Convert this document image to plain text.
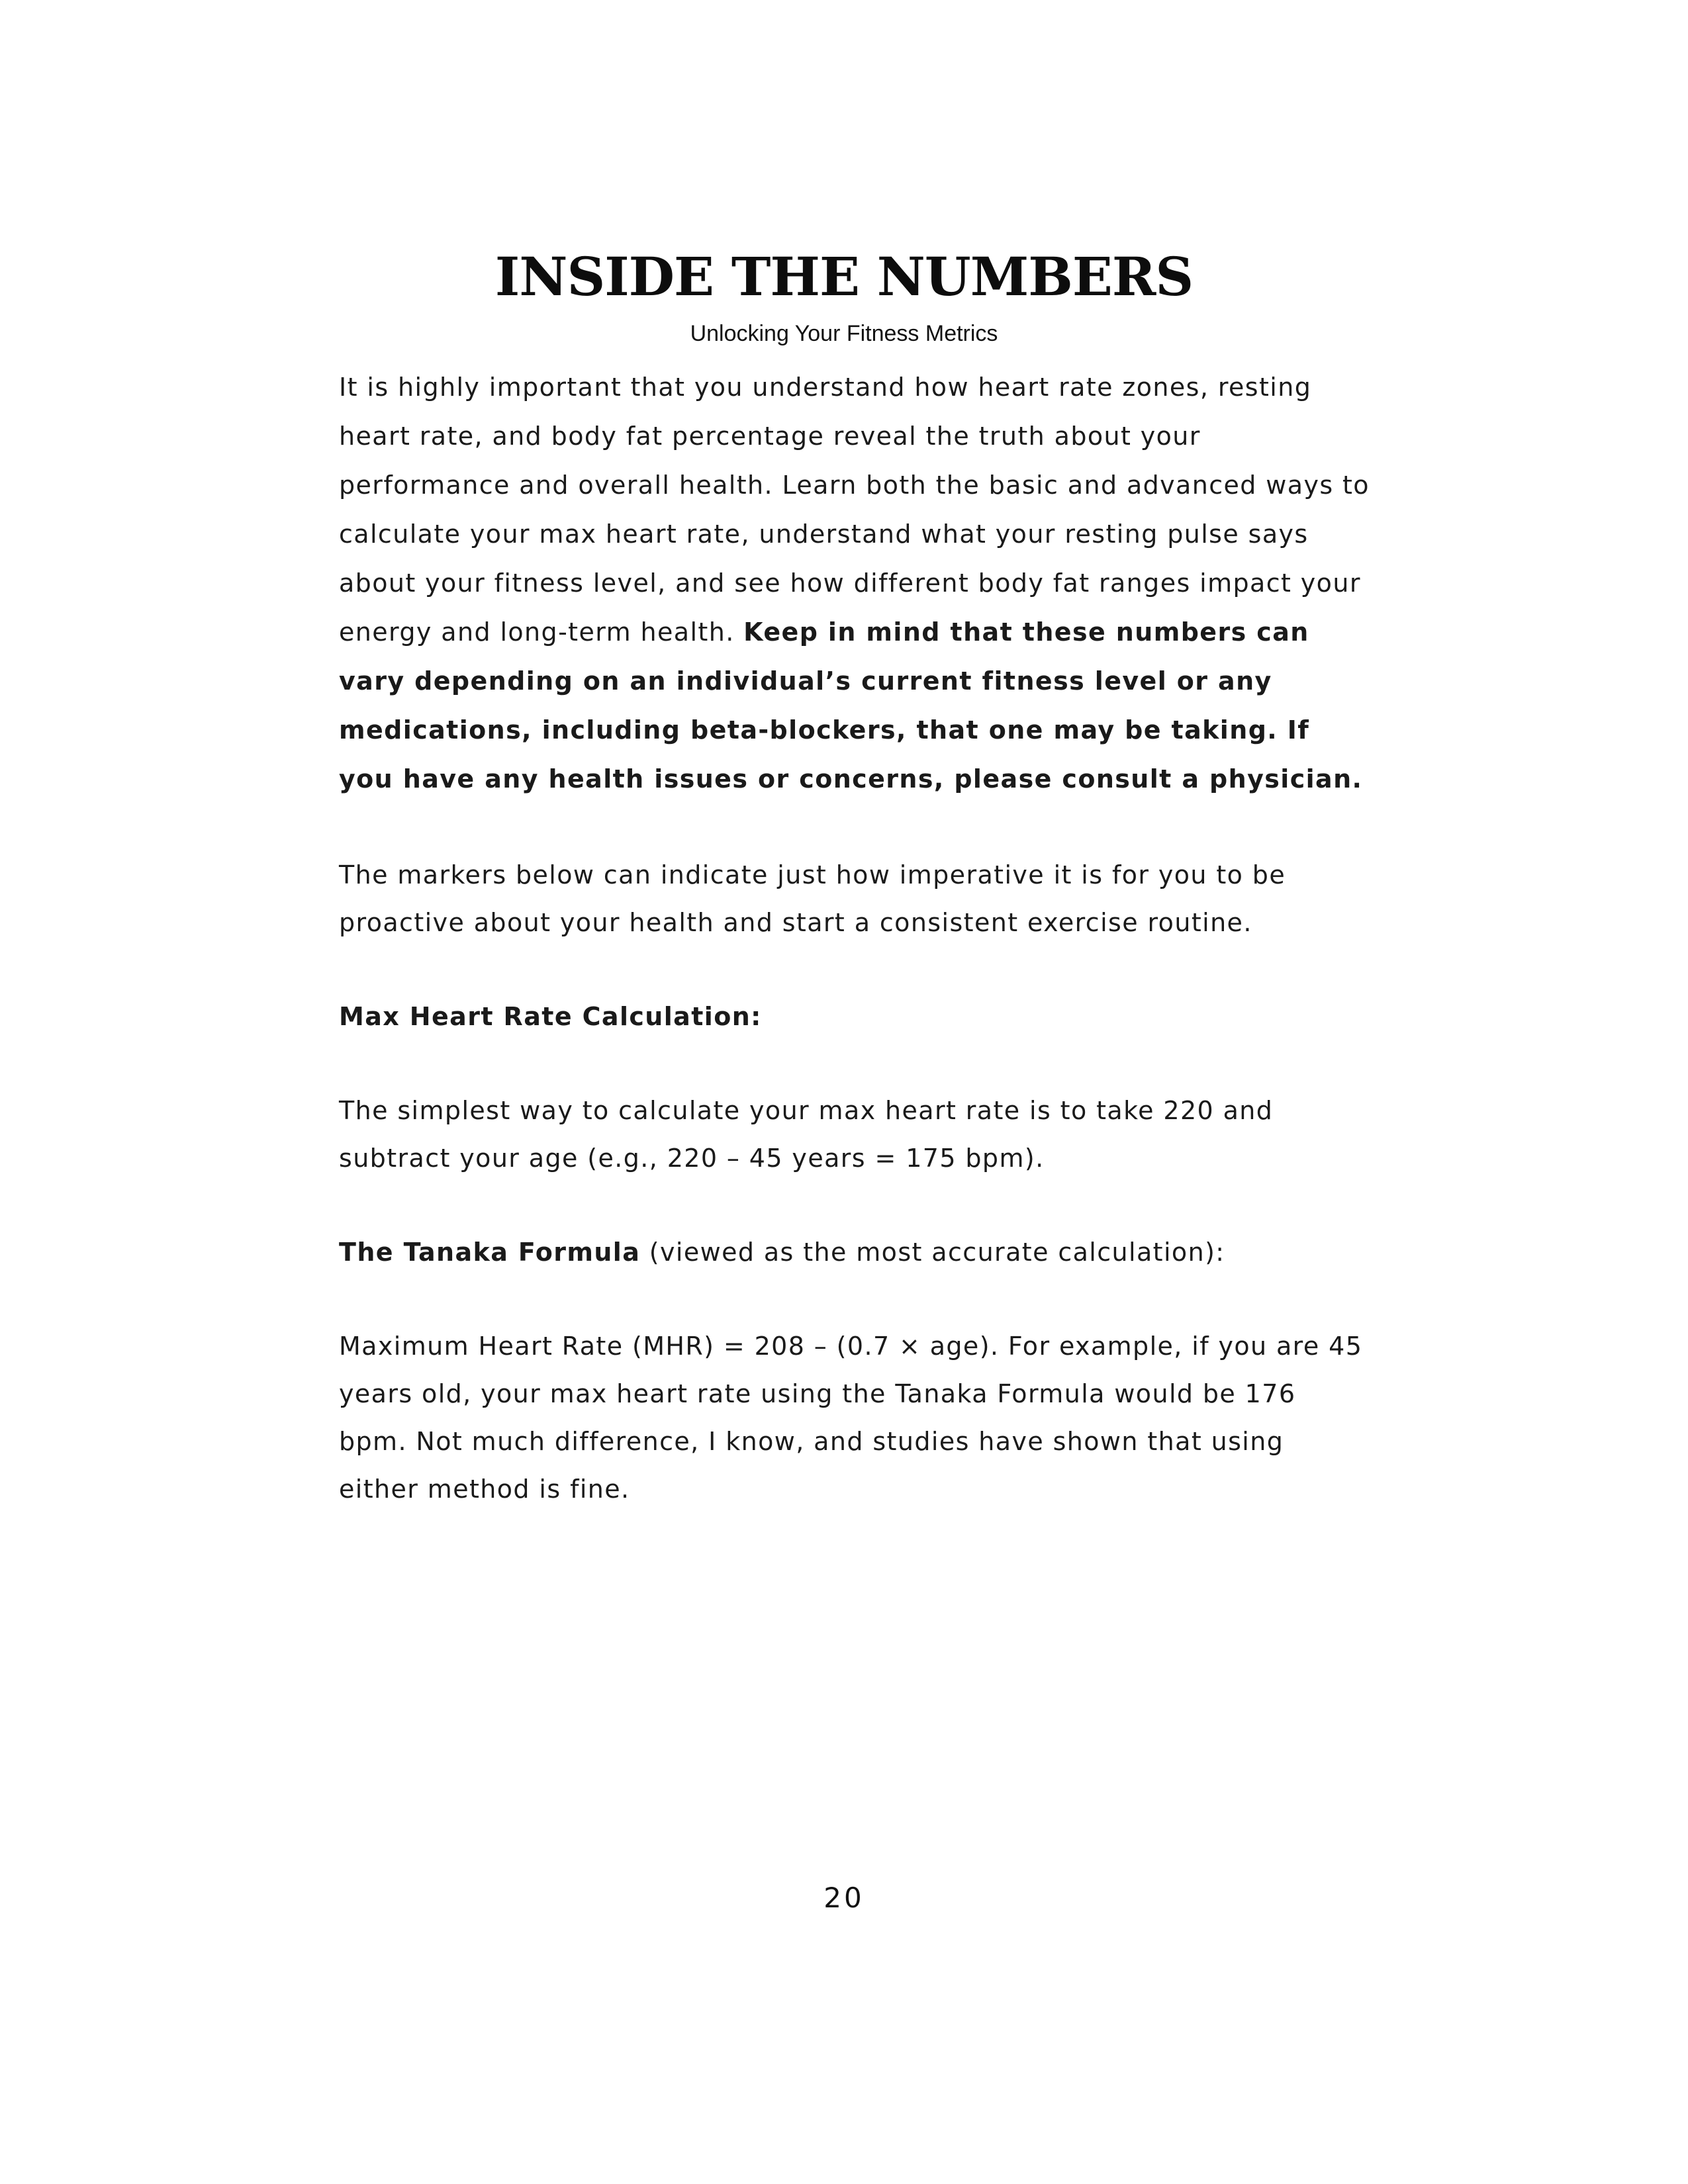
INSIDE THE NUMBERS
Unlocking Your Fitness Metrics

It is highly important that you understand how heart rate zones, resting heart rate, and body fat percentage reveal the truth about your performance and overall health. Learn both the basic and advanced ways to calculate your max heart rate, understand what your resting pulse says about your fitness level, and see how different body fat ranges impact your energy and long-term health. Keep in mind that these numbers can vary depending on an individual’s current fitness level or any medications, including beta-blockers, that one may be taking. If you have any health issues or concerns, please consult a physician.

The markers below can indicate just how imperative it is for you to be proactive about your health and start a consistent exercise routine.

Max Heart Rate Calculation:

The simplest way to calculate your max heart rate is to take 220 and subtract your age (e.g., 220 – 45 years = 175 bpm).

The Tanaka Formula (viewed as the most accurate calculation):

Maximum Heart Rate (MHR) = 208 – (0.7 × age). For example, if you are 45 years old, your max heart rate using the Tanaka Formula would be 176 bpm. Not much difference, I know, and studies have shown that using either method is fine.

20
